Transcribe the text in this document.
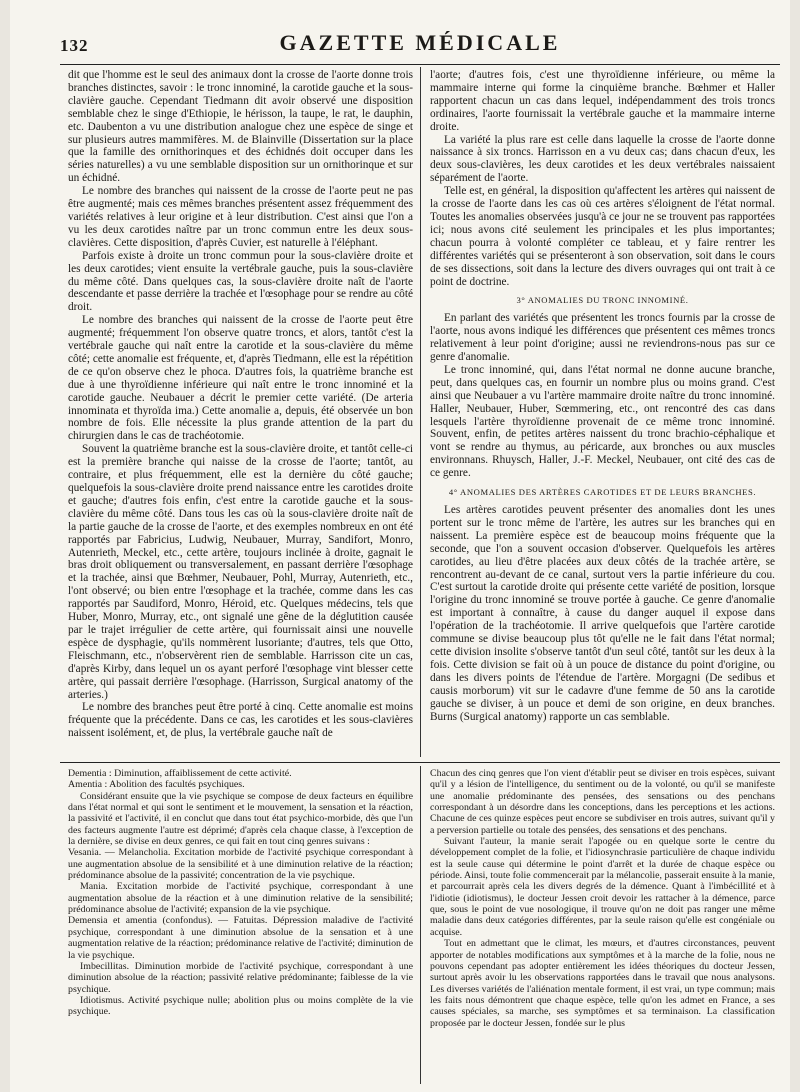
132	GAZETTE MÉDICALE

dit que l'homme est le seul des animaux dont la crosse de l'aorte donne trois branches distinctes, savoir : le tronc innominé, la carotide gauche et la sous-clavière gauche. Cependant Tiedmann dit avoir observé une disposition semblable chez le singe d'Ethiopie, le hérisson, la taupe, le rat, le dauphin, etc. Daubenton a vu une distribution analogue chez une espèce de singe et sur plusieurs autres mammifères. M. de Blainville (Dissertation sur la place que la famille des ornithorinques et des échidnés doit occuper dans les séries naturelles) a vu une semblable disposition sur un ornithorinque et sur un échidné.

Le nombre des branches qui naissent de la crosse de l'aorte peut ne pas être augmenté; mais ces mêmes branches présentent assez fréquemment des variétés relatives à leur origine et à leur distribution. C'est ainsi que l'on a vu les deux carotides naître par un tronc commun entre les deux sous-clavières. Cette disposition, d'après Cuvier, est naturelle à l'éléphant.

Parfois existe à droite un tronc commun pour la sous-clavière droite et les deux carotides; vient ensuite la vertébrale gauche, puis la sous-clavière du même côté. Dans quelques cas, la sous-clavière droite naît de l'aorte descendante et passe derrière la trachée et l'œsophage pour se rendre au côté droit.

Le nombre des branches qui naissent de la crosse de l'aorte peut être augmenté; fréquemment l'on observe quatre troncs, et alors, tantôt c'est la vertébrale gauche qui naît entre la carotide et la sous-clavière du même côté; cette anomalie est fréquente, et, d'après Tiedmann, elle est la répétition de ce qu'on observe chez le phoca. D'autres fois, la quatrième branche est due à une thyroïdienne inférieure qui naît entre le tronc innominé et la carotide gauche. Neubauer a décrit le premier cette variété. (De arteria innominata et thyroïda ima.) Cette anomalie a, depuis, été observée un bon nombre de fois. Elle nécessite la plus grande attention de la part du chirurgien dans le cas de trachéotomie.

Souvent la quatrième branche est la sous-clavière droite, et tantôt celle-ci est la première branche qui naisse de la crosse de l'aorte; tantôt, au contraire, et plus fréquemment, elle est la dernière du côté gauche; quelquefois la sous-clavière droite prend naissance entre les carotides droite et gauche; d'autres fois enfin, c'est entre la carotide gauche et la sous-clavière du même côté. Dans tous les cas où la sous-clavière droite naît de la partie gauche de la crosse de l'aorte, et des exemples nombreux en ont été rapportés par Fabricius, Ludwig, Neubauer, Murray, Sandifort, Monro, Autenrieth, Meckel, etc., cette artère, toujours inclinée à droite, gagnait le bras droit obliquement ou transversalement, en passant derrière l'œsophage et la trachée, ainsi que Bœhmer, Neubauer, Pohl, Murray, Autenrieth, etc., l'ont observé; ou bien entre l'œsophage et la trachée, comme dans les cas rapportés par Saudiford, Monro, Héroid, etc. Quelques médecins, tels que Huber, Monro, Murray, etc., ont signalé une gêne de la déglutition causée par le trajet irrégulier de cette artère, qui fournissait ainsi une nouvelle espèce de dysphagie, qu'ils nommèrent lusoriante; d'autres, tels que Otto, Fleischmann, etc., n'observèrent rien de semblable. Harrisson cite un cas, d'après Kirby, dans lequel un os ayant perforé l'œsophage vint blesser cette artère, qui passait derrière l'œsophage. (Harrisson, Surgical anatomy of the arteries.)

Le nombre des branches peut être porté à cinq. Cette anomalie est moins fréquente que la précédente. Dans ce cas, les carotides et les sous-clavières naissent isolément, et, de plus, la vertébrale gauche naît de

l'aorte; d'autres fois, c'est une thyroïdienne inférieure, ou même la mammaire interne qui forme la cinquième branche. Bœhmer et Haller rapportent chacun un cas dans lequel, indépendamment des trois troncs ordinaires, l'aorte fournissait la vertébrale gauche et la mammaire interne droite.

La variété la plus rare est celle dans laquelle la crosse de l'aorte donne naissance à six troncs. Harrisson en a vu deux cas; dans chacun d'eux, les deux sous-clavières, les deux carotides et les deux vertébrales naissaient séparément de l'aorte.

Telle est, en général, la disposition qu'affectent les artères qui naissent de la crosse de l'aorte dans les cas où ces artères s'éloignent de l'état normal. Toutes les anomalies observées jusqu'à ce jour ne se trouvent pas rapportées ici; nous avons cité seulement les principales et les plus importantes; chacun pourra à volonté compléter ce tableau, et y faire rentrer les différentes variétés qui se présenteront à son observation, soit dans le cours de ses dissections, soit dans la lecture des divers ouvrages qui ont trait à ce point de doctrine.

3° ANOMALIES DU TRONC INNOMINÉ.

En parlant des variétés que présentent les troncs fournis par la crosse de l'aorte, nous avons indiqué les différences que présentent ces mêmes troncs relativement à leur point d'origine; aussi ne reviendrons-nous pas sur ce genre d'anomalie.

Le tronc innominé, qui, dans l'état normal ne donne aucune branche, peut, dans quelques cas, en fournir un nombre plus ou moins grand. C'est ainsi que Neubauer a vu l'artère mammaire droite naître du tronc innominé. Haller, Neubauer, Huber, Sœmmering, etc., ont rencontré des cas dans lesquels l'artère thyroïdienne provenait de ce même tronc innominé. Souvent, enfin, de petites artères naissent du tronc brachio-céphalique et vont se rendre au thymus, au péricarde, aux bronches ou aux muscles environnans. Rhuysch, Haller, J.-F. Meckel, Neubauer, ont cité des cas de ce genre.

4° ANOMALIES DES ARTÈRES CAROTIDES ET DE LEURS BRANCHES.

Les artères carotides peuvent présenter des anomalies dont les unes portent sur le tronc même de l'artère, les autres sur les branches qui en naissent. La première espèce est de beaucoup moins fréquente que la seconde, que l'on a souvent occasion d'observer. Quelquefois les artères carotides, au lieu d'être placées aux deux côtés de la trachée artère, se rencontrent au-devant de ce canal, surtout vers la partie inférieure du cou. C'est surtout la carotide droite qui présente cette variété de position, lorsque l'origine du tronc innominé se trouve portée à gauche. Ce genre d'anomalie est important à connaître, à cause du danger auquel il expose dans l'opération de la trachéotomie. Il arrive quelquefois que l'artère carotide commune se divise beaucoup plus tôt qu'elle ne le fait dans l'état normal; cette division insolite s'observe tantôt d'un seul côté, tantôt sur les deux à la fois. Cette division se fait où à un pouce de distance du point d'origine, ou dans les divers points de l'étendue de l'artère. Morgagni (De sedibus et causis morborum) vit sur le cadavre d'une femme de 50 ans la carotide gauche se diviser, à un pouce et demi de son origine, en deux branches. Burns (Surgical anatomy) rapporte un cas semblable.

Dementia : Diminution, affaiblissement de cette activité.

Amentia : Abolition des facultés psychiques.

Considérant ensuite que la vie psychique se compose de deux facteurs en équilibre dans l'état normal et qui sont le sentiment et le mouvement, la sensation et la réaction, la passivité et l'activité, il en conclut que dans tout état psychico-morbide, dès que l'un des facteurs augmente l'autre est déprimé; d'après cela chaque classe, à l'exception de la dernière, se divise en deux genres, ce qui fait en tout cinq genres suivans :

Vesania. — Melancholia. Excitation morbide de l'activité psychique correspondant à une augmentation absolue de la sensibilité et à une diminution relative de la réaction; prédominance absolue de la passivité; concentration de la vie psychique.

Mania. Excitation morbide de l'activité psychique, correspondant à une augmentation absolue de la réaction et à une diminution relative de la sensibilité; prédominance absolue de l'activité; expansion de la vie psychique.

Demensia et amentia (confondus). — Fatuitas. Dépression maladive de l'activité psychique, correspondant à une diminution absolue de la sensation et à une augmentation relative de la réaction; prédominance relative de l'activité; diminution de la vie psychique.

Imbecillitas. Diminution morbide de l'activité psychique, correspondant à une diminution absolue de la réaction; passivité relative prédominante; faiblesse de la vie psychique.

Idiotismus. Activité psychique nulle; abolition plus ou moins complète de la vie psychique.

Chacun des cinq genres que l'on vient d'établir peut se diviser en trois espèces, suivant qu'il y a lésion de l'intelligence, du sentiment ou de la volonté, ou qu'il se manifeste une anomalie prédominante des pensées, des sensations ou des penchans correspondant à un désordre dans les conceptions, dans les perceptions et les actions. Chacune de ces quinze espèces peut encore se subdiviser en trois autres, suivant qu'il y a perversion partielle ou totale des pensées, des sensations et des penchans.

Suivant l'auteur, la manie serait l'apogée ou en quelque sorte le centre du développement complet de la folie, et l'idiosynchrasie particulière de chaque individu est la seule cause qui détermine le point d'arrêt et la durée de chaque espèce ou période. Ainsi, toute folie commencerait par la mélancolie, passerait ensuite à la manie, et parcourrait après cela les divers degrés de la démence. Quant à l'imbécillité et à l'idiotie (idiotismus), le docteur Jessen croit devoir les rattacher à la démence, parce que, sous le point de vue nosologique, il trouve qu'on ne doit pas ranger une même maladie dans deux catégories différentes, par la seule raison qu'elle est congéniale ou acquise.

Tout en admettant que le climat, les mœurs, et d'autres circonstances, peuvent apporter de notables modifications aux symptômes et à la marche de la folie, nous ne pouvons cependant pas adopter entièrement les idées théoriques du docteur Jessen, surtout après avoir lu les observations rapportées dans le travail que nous analysons. Les diverses variétés de l'aliénation mentale forment, il est vrai, un type commun; mais les faits nous démontrent que chaque espèce, telle qu'on les admet en France, a ses causes spéciales, sa marche, ses symptômes et sa terminaison. La classification proposée par le docteur Jessen, fondée sur le plus
